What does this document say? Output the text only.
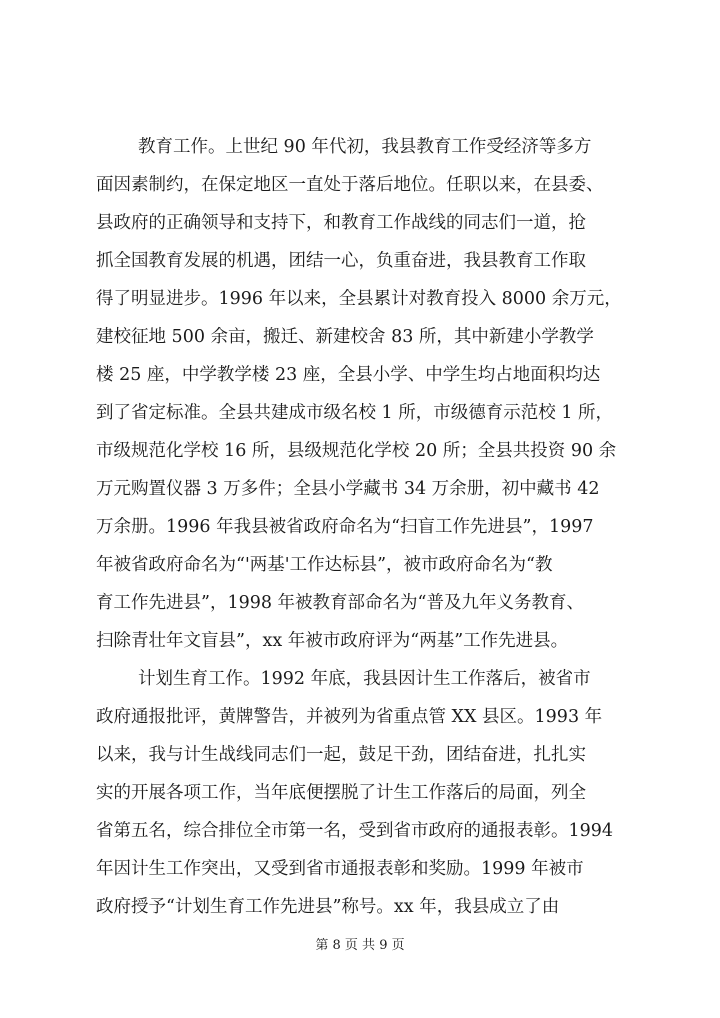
教育工作。上世纪 90 年代初，我县教育工作受经济等多方
面因素制约，在保定地区一直处于落后地位。任职以来，在县委、
县政府的正确领导和支持下，和教育工作战线的同志们一道，抢
抓全国教育发展的机遇，团结一心，负重奋进，我县教育工作取
得了明显进步。1996 年以来，全县累计对教育投入 8000 余万元，
建校征地 500 余亩，搬迁、新建校舍 83 所，其中新建小学教学
楼 25 座，中学教学楼 23 座，全县小学、中学生均占地面积均达
到了省定标准。全县共建成市级名校 1 所，市级德育示范校 1 所，
市级规范化学校 16 所，县级规范化学校 20 所；全县共投资 90 余
万元购置仪器 3 万多件；全县小学藏书 34 万余册，初中藏书 42
万余册。1996 年我县被省政府命名为“扫盲工作先进县”，1997
年被省政府命名为“'两基'工作达标县”，被市政府命名为“教
育工作先进县”，1998 年被教育部命名为“普及九年义务教育、
扫除青壮年文盲县”，xx 年被市政府评为“两基”工作先进县。
计划生育工作。1992 年底，我县因计生工作落后，被省市
政府通报批评，黄牌警告，并被列为省重点管 XX 县区。1993 年
以来，我与计生战线同志们一起，鼓足干劲，团结奋进，扎扎实
实的开展各项工作，当年底便摆脱了计生工作落后的局面，列全
省第五名，综合排位全市第一名，受到省市政府的通报表彰。1994
年因计生工作突出，又受到省市通报表彰和奖励。1999 年被市
政府授予“计划生育工作先进县”称号。xx 年，我县成立了由
第 8 页 共 9 页
